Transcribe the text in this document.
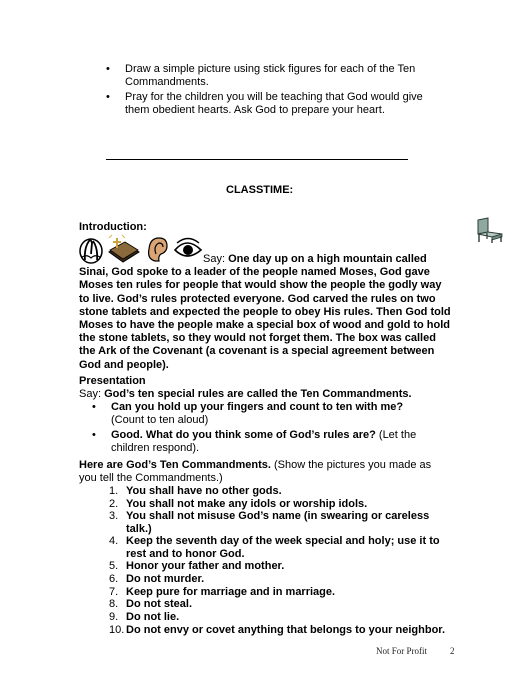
• Draw a simple picture using stick figures for each of the Ten Commandments.
• Pray for the children you will be teaching that God would give them obedient hearts. Ask God to prepare your heart.
CLASSTIME:
Introduction:
Say: One day up on a high mountain called Sinai, God spoke to a leader of the people named Moses, God gave Moses ten rules for people that would show the people the godly way to live. God’s rules protected everyone. God carved the rules on two stone tablets and expected the people to obey His rules. Then God told Moses to have the people make a special box of wood and gold to hold the stone tablets, so they would not forget them. The box was called the Ark of the Covenant (a covenant is a special agreement between God and people).
Presentation
Say: God’s ten special rules are called the Ten Commandments.
• Can you hold up your fingers and count to ten with me? (Count to ten aloud)
• Good. What do you think some of God’s rules are? (Let the children respond).
Here are God’s Ten Commandments. (Show the pictures you made as you tell the Commandments.)
1. You shall have no other gods.
2. You shall not make any idols or worship idols.
3. You shall not misuse God’s name (in swearing or careless talk.)
4. Keep the seventh day of the week special and holy; use it to rest and to honor God.
5. Honor your father and mother.
6. Do not murder.
7. Keep pure for marriage and in marriage.
8. Do not steal.
9. Do not lie.
10. Do not envy or covet anything that belongs to your neighbor.
Not For Profit	2
